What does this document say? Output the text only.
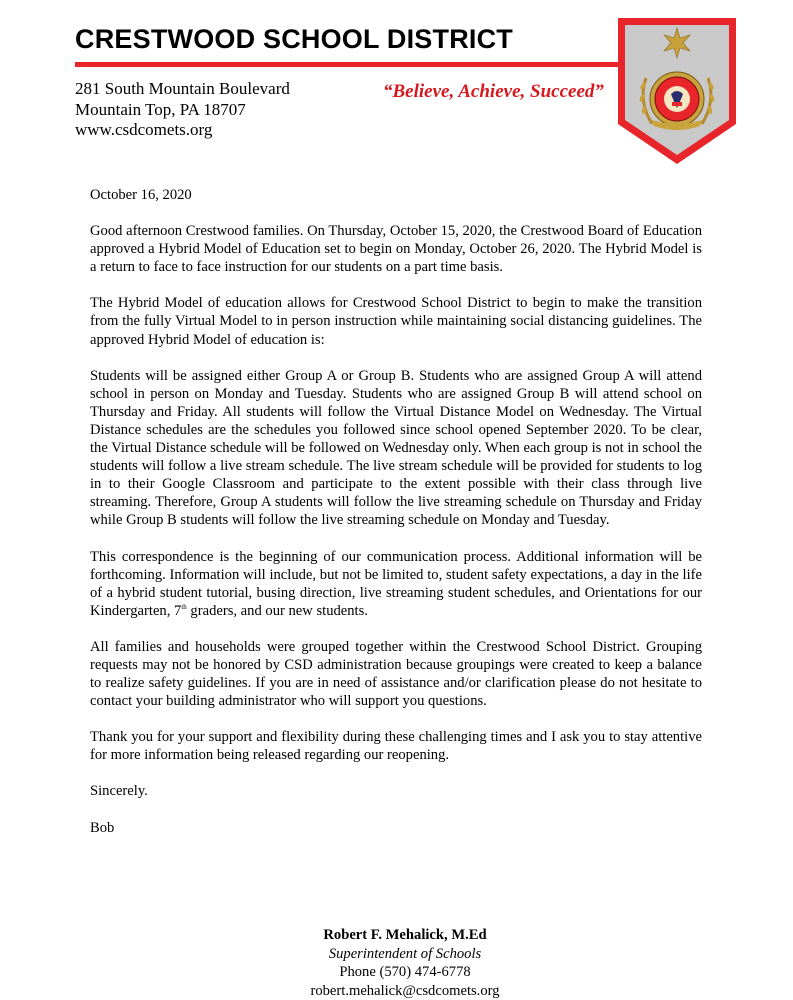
CRESTWOOD SCHOOL DISTRICT
281 South Mountain Boulevard
Mountain Top, PA 18707
www.csdcomets.org
“Believe, Achieve, Succeed”

October 16, 2020

Good afternoon Crestwood families. On Thursday, October 15, 2020, the Crestwood Board of Education approved a Hybrid Model of Education set to begin on Monday, October 26, 2020. The Hybrid Model is a return to face to face instruction for our students on a part time basis.

The Hybrid Model of education allows for Crestwood School District to begin to make the transition from the fully Virtual Model to in person instruction while maintaining social distancing guidelines. The approved Hybrid Model of education is:

Students will be assigned either Group A or Group B. Students who are assigned Group A will attend school in person on Monday and Tuesday. Students who are assigned Group B will attend school on Thursday and Friday. All students will follow the Virtual Distance Model on Wednesday. The Virtual Distance schedules are the schedules you followed since school opened September 2020. To be clear, the Virtual Distance schedule will be followed on Wednesday only. When each group is not in school the students will follow a live stream schedule. The live stream schedule will be provided for students to log in to their Google Classroom and participate to the extent possible with their class through live streaming. Therefore, Group A students will follow the live streaming schedule on Thursday and Friday while Group B students will follow the live streaming schedule on Monday and Tuesday.

This correspondence is the beginning of our communication process. Additional information will be forthcoming. Information will include, but not be limited to, student safety expectations, a day in the life of a hybrid student tutorial, busing direction, live streaming student schedules, and Orientations for our Kindergarten, 7th graders, and our new students.

All families and households were grouped together within the Crestwood School District. Grouping requests may not be honored by CSD administration because groupings were created to keep a balance to realize safety guidelines. If you are in need of assistance and/or clarification please do not hesitate to contact your building administrator who will support you questions.

Thank you for your support and flexibility during these challenging times and I ask you to stay attentive for more information being released regarding our reopening.

Sincerely.

Bob

Robert F. Mehalick, M.Ed
Superintendent of Schools
Phone (570) 474-6778
robert.mehalick@csdcomets.org
